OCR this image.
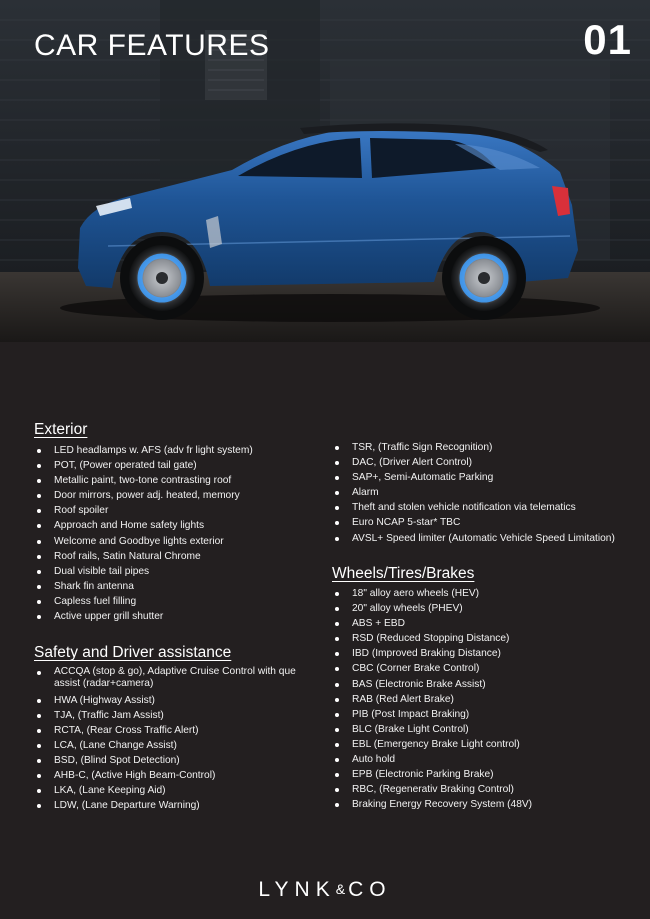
CAR FEATURES	01
Exterior
LED headlamps w. AFS (adv fr light system)
POT, (Power operated tail gate)
Metallic paint, two-tone contrasting roof
Door mirrors, power adj. heated, memory
Roof spoiler
Approach and Home safety lights
Welcome and Goodbye lights exterior
Roof rails, Satin Natural Chrome
Dual visible tail pipes
Shark fin antenna
Capless fuel filling
Active upper grill shutter
Safety and Driver assistance
ACCQA (stop & go), Adaptive Cruise Control with que assist (radar+camera)
HWA (Highway Assist)
TJA, (Traffic Jam Assist)
RCTA, (Rear Cross Traffic Alert)
LCA, (Lane Change Assist)
BSD, (Blind Spot Detection)
AHB-C, (Active High Beam-Control)
LKA, (Lane Keeping Aid)
LDW, (Lane Departure Warning)
TSR, (Traffic Sign Recognition)
DAC, (Driver Alert Control)
SAP+, Semi-Automatic Parking
Alarm
Theft and stolen vehicle notification via telematics
Euro NCAP 5-star* TBC
AVSL+ Speed limiter (Automatic Vehicle Speed Limitation)
Wheels/Tires/Brakes
18" alloy aero wheels (HEV)
20" alloy wheels (PHEV)
ABS + EBD
RSD (Reduced Stopping Distance)
IBD (Improved Braking Distance)
CBC (Corner Brake Control)
BAS (Electronic Brake Assist)
RAB (Red Alert Brake)
PIB (Post Impact Braking)
BLC (Brake Light Control)
EBL (Emergency Brake Light control)
Auto hold
EPB (Electronic Parking Brake)
RBC, (Regenerativ Braking Control)
Braking Energy Recovery System (48V)
LYNK&CO
